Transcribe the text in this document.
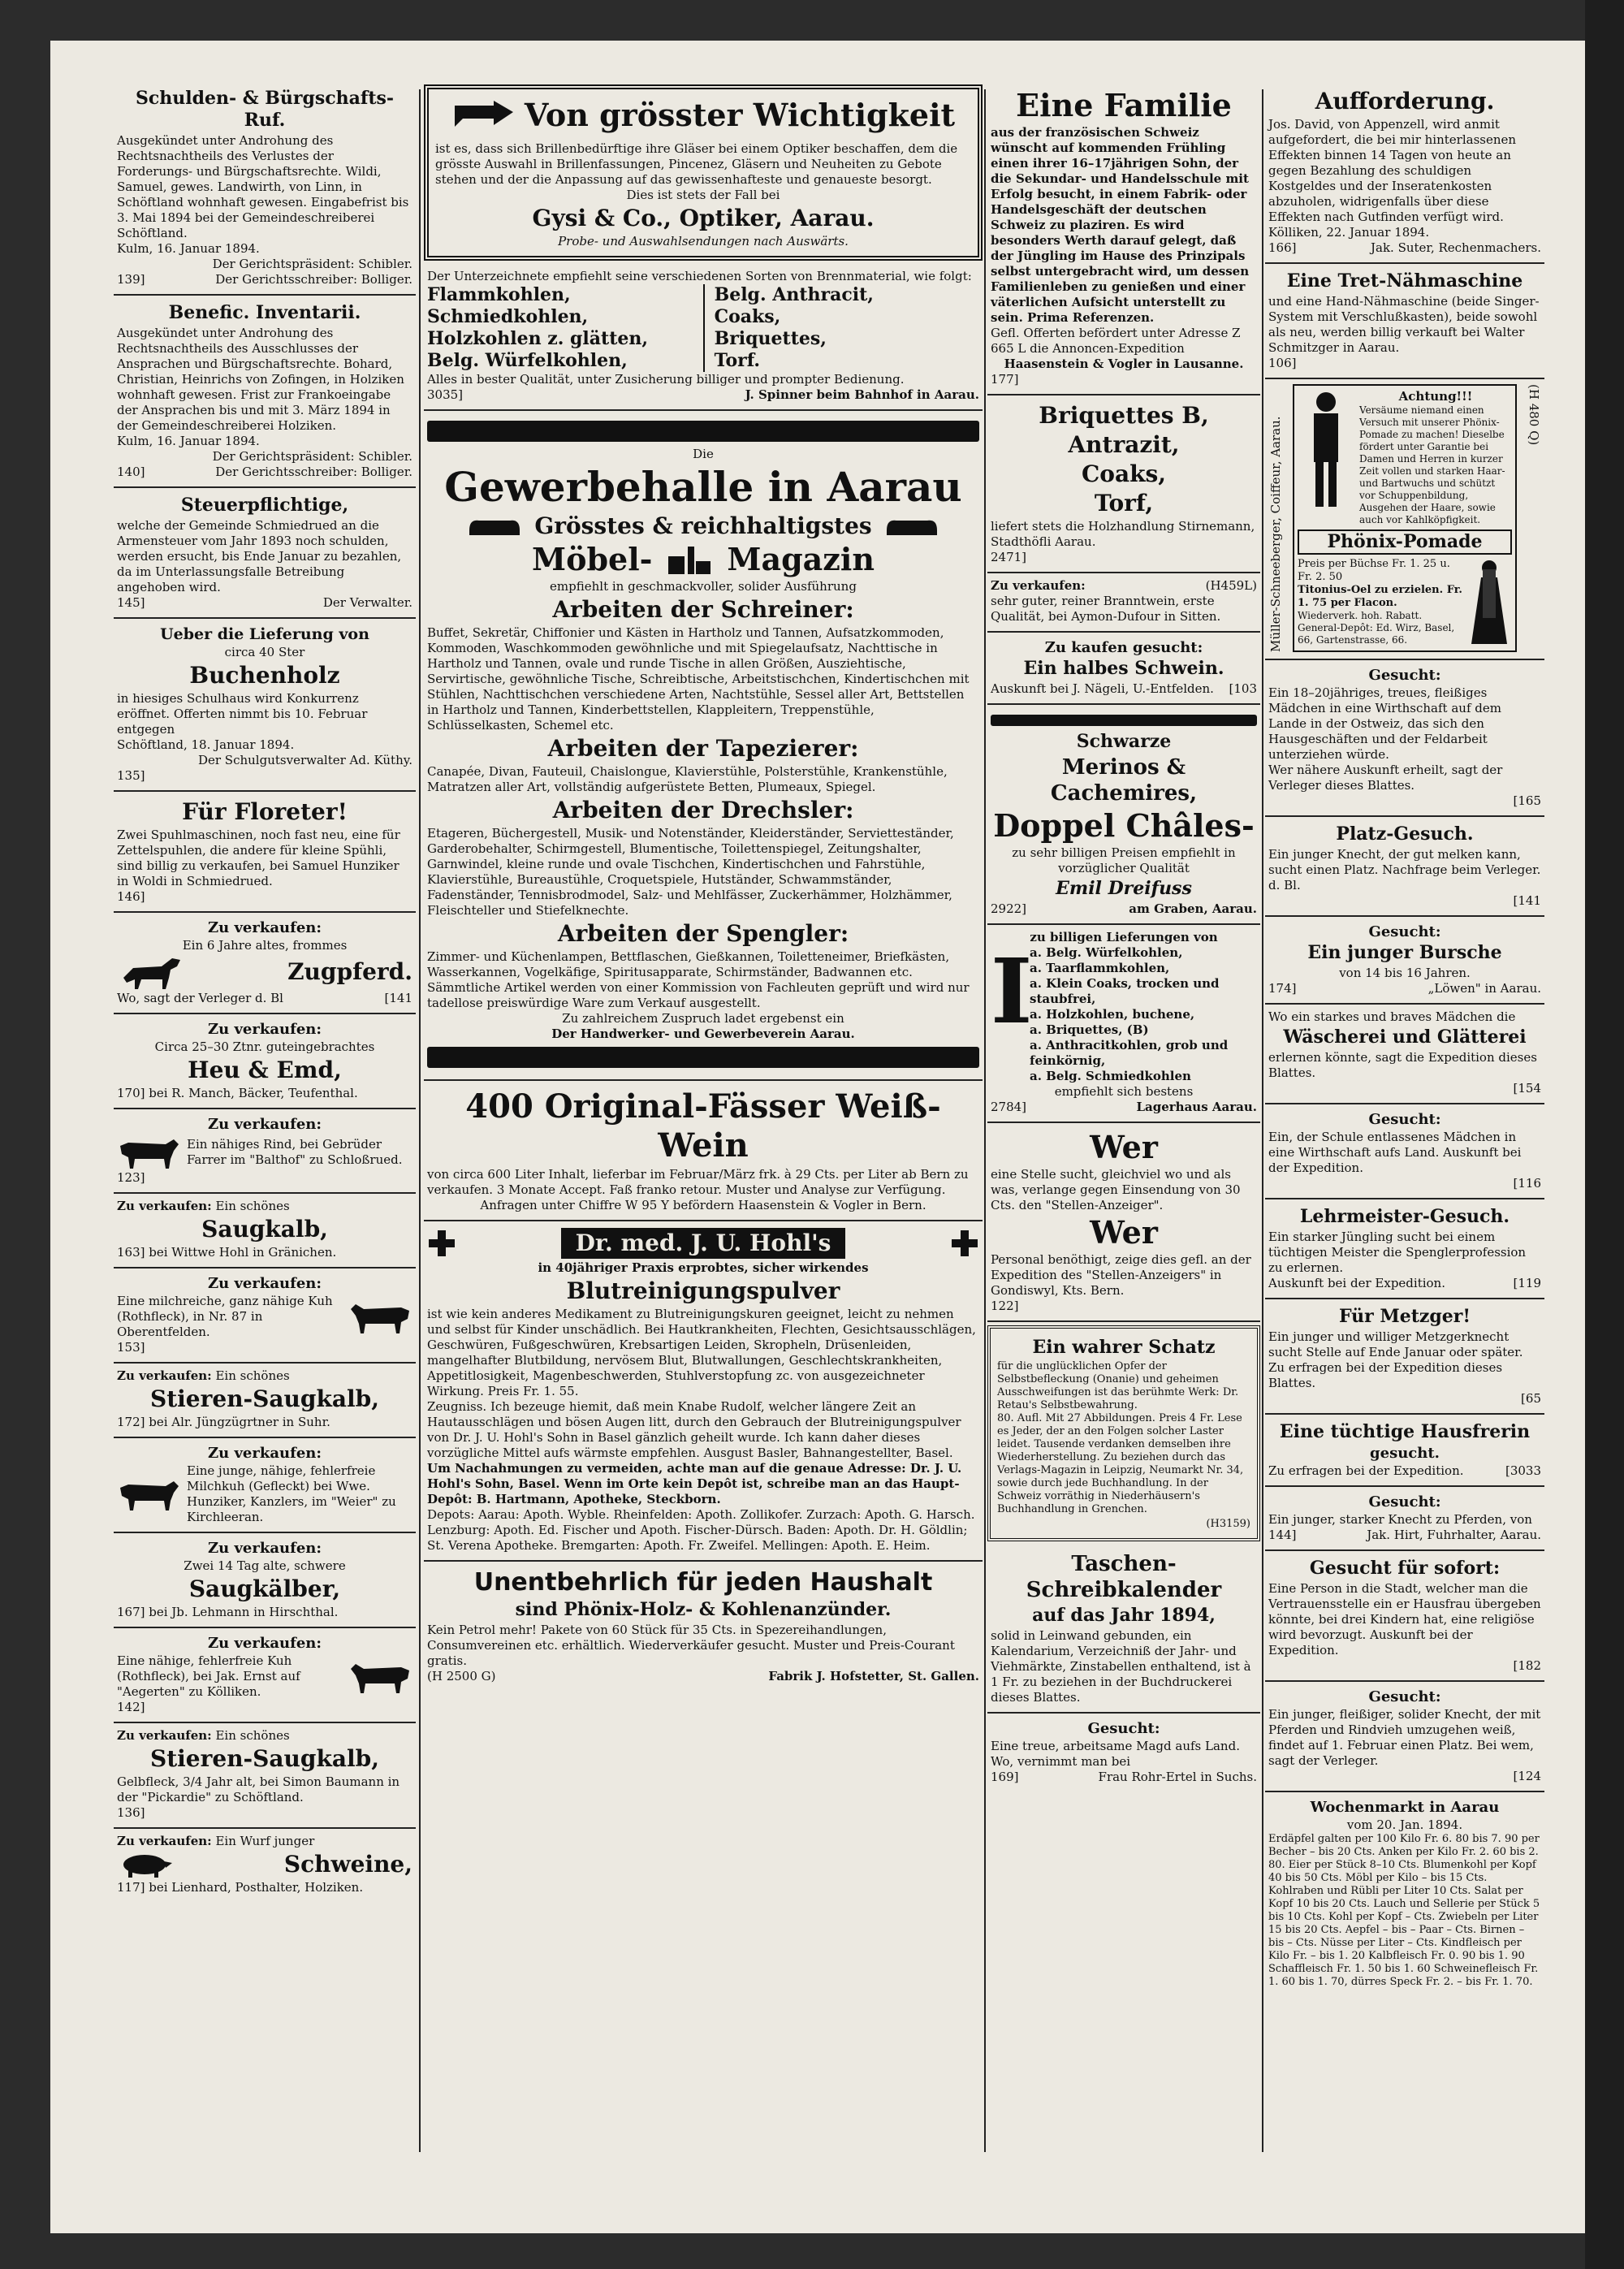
Schulden- & Bürgschafts-Ruf.

Ausgekündet unter Androhung des Rechtsnachtheils des Verlustes der Forderungs- und Bürgschaftsrechte. Wildi, Samuel, gewes. Landwirth, von Linn, in Schöftland wohnhaft gewesen. Eingabefrist bis 3. Mai 1894 bei der Gemeindeschreiberei Schöftland.

Kulm, 16. Januar 1894.

Der Gerichtspräsident: Schibler.

139]	Der Gerichtsschreiber: Bolliger.

Benefic. Inventarii.

Ausgekündet unter Androhung des Rechtsnachtheils des Ausschlusses der Ansprachen und Bürgschaftsrechte. Bohard, Christian, Heinrichs von Zofingen, in Holziken wohnhaft gewesen. Frist zur Frankoeingabe der Ansprachen bis und mit 3. März 1894 in der Gemeindeschreiberei Holziken.

Kulm, 16. Januar 1894.

Der Gerichtspräsident: Schibler.

140]	Der Gerichtsschreiber: Bolliger.

Steuerpflichtige,

welche der Gemeinde Schmiedrued an die Armensteuer vom Jahr 1893 noch schulden, werden ersucht, bis Ende Januar zu bezahlen, da im Unterlassungsfalle Betreibung angehoben wird.

145]	Der Verwalter.

Ueber die Lieferung von

circa 40 Ster

Buchenholz

in hiesiges Schulhaus wird Konkurrenz eröffnet. Offerten nimmt bis 10. Februar entgegen

Schöftland, 18. Januar 1894.

Der Schulgutsverwalter Ad. Küthy.

135]

Für Floreter!

Zwei Spuhlmaschinen, noch fast neu, eine für Zettelspuhlen, die andere für kleine Spühli, sind billig zu verkaufen, bei Samuel Hunziker in Woldi in Schmiedrued.

146]

Zu verkaufen:

Ein 6 Jahre altes, frommes

Zugpferd.
Wo, sagt der Verleger d. Bl	[141

Zu verkaufen:

Circa 25–30 Ztnr. guteingebrachtes

Heu & Emd,

170] bei R. Manch, Bäcker, Teufenthal.

Zu verkaufen:

Ein nähiges Rind, bei Gebrüder Farrer im "Balthof" zu Schloßrued.

123]

Zu verkaufen: Ein schönes

Saugkalb,

163] bei Wittwe Hohl in Gränichen.

Zu verkaufen:

Eine milchreiche, ganz nähige Kuh (Rothfleck), in Nr. 87 in Oberentfelden.

153]

Zu verkaufen: Ein schönes

Stieren-Saugkalb,

172] bei Alr. Jüngzügrtner in Suhr.

Zu verkaufen:

Eine junge, nähige, fehlerfreie Milchkuh (Gefleckt) bei Wwe. Hunziker, Kanzlers, im "Weier" zu Kirchleeran.

Zu verkaufen:

Zwei 14 Tag alte, schwere

Saugkälber,

167] bei Jb. Lehmann in Hirschthal.

Zu verkaufen:

Eine nähige, fehlerfreie Kuh (Rothfleck), bei Jak. Ernst auf "Aegerten" zu Kölliken.

142]

Zu verkaufen: Ein schönes

Stieren-Saugkalb,

Gelbfleck, 3/4 Jahr alt, bei Simon Baumann in der "Pickardie" zu Schöftland.

136]

Zu verkaufen: Ein Wurf junger

Schweine,

117] bei Lienhard, Posthalter, Holziken.

Von grösster Wichtigkeit

ist es, dass sich Brillenbedürftige ihre Gläser bei einem Optiker beschaffen, dem die grösste Auswahl in Brillenfassungen, Pincenez, Gläsern und Neuheiten zu Gebote stehen und der die Anpassung auf das gewissenhafteste und genaueste besorgt.

Dies ist stets der Fall bei

Gysi & Co., Optiker, Aarau.

Probe- und Auswahlsendungen nach Auswärts.

Der Unterzeichnete empfiehlt seine verschiedenen Sorten von Brennmaterial, wie folgt:

Flammkohlen,

Schmiedkohlen,

Holzkohlen z. glätten,

Belg. Würfelkohlen,

Belg. Anthracit,

Coaks,

Briquettes,

Torf.

Alles in bester Qualität, unter Zusicherung billiger und prompter Bedienung.

3035]	J. Spinner beim Bahnhof in Aarau.

Die

Gewerbehalle in Aarau

Grösstes & reichhaltigstes
Möbel- Magazin

empfiehlt in geschmackvoller, solider Ausführung

Arbeiten der Schreiner:

Buffet, Sekretär, Chiffonier und Kästen in Hartholz und Tannen, Aufsatzkommoden, Kommoden, Waschkommoden gewöhnliche und mit Spiegelaufsatz, Nachttische in Hartholz und Tannen, ovale und runde Tische in allen Größen, Ausziehtische, Servirtische, gewöhnliche Tische, Schreibtische, Arbeitstischchen, Kindertischchen mit Stühlen, Nachttischchen verschiedene Arten, Nachtstühle, Sessel aller Art, Bettstellen in Hartholz und Tannen, Kinderbettstellen, Klappleitern, Treppenstühle, Schlüsselkasten, Schemel etc.

Arbeiten der Tapezierer:

Canapée, Divan, Fauteuil, Chaislongue, Klavierstühle, Polsterstühle, Krankenstühle, Matratzen aller Art, vollständig aufgerüstete Betten, Plumeaux, Spiegel.

Arbeiten der Drechsler:

Etageren, Büchergestell, Musik- und Notenständer, Kleiderständer, Servietteständer, Garderobehalter, Schirmgestell, Blumentische, Toilettenspiegel, Zeitungshalter, Garnwindel, kleine runde und ovale Tischchen, Kindertischchen und Fahrstühle, Klavierstühle, Bureaustühle, Croquetspiele, Hutständer, Schwammständer, Fadenständer, Tennisbrodmodel, Salz- und Mehlfässer, Zuckerhämmer, Holzhämmer, Fleischteller und Stiefelknechte.

Arbeiten der Spengler:

Zimmer- und Küchenlampen, Bettflaschen, Gießkannen, Toiletteneimer, Briefkästen, Wasserkannen, Vogelkäfige, Spiritusapparate, Schirmständer, Badwannen etc.

Sämmtliche Artikel werden von einer Kommission von Fachleuten geprüft und wird nur tadellose preiswürdige Ware zum Verkauf ausgestellt.

Zu zahlreichem Zuspruch ladet ergebenst ein

Der Handwerker- und Gewerbeverein Aarau.

400 Original-Fässer Weiß-Wein

von circa 600 Liter Inhalt, lieferbar im Februar/März frk. à 29 Cts. per Liter ab Bern zu verkaufen. 3 Monate Accept. Faß franko retour. Muster und Analyse zur Verfügung.

Anfragen unter Chiffre W 95 Y befördern Haasenstein & Vogler in Bern.

Dr. med. J. U. Hohl's

in 40jähriger Praxis erprobtes, sicher wirkendes

Blutreinigungspulver

ist wie kein anderes Medikament zu Blutreinigungskuren geeignet, leicht zu nehmen und selbst für Kinder unschädlich. Bei Hautkrankheiten, Flechten, Gesichtsausschlägen, Geschwüren, Fußgeschwüren, Krebsartigen Leiden, Skropheln, Drüsenleiden, mangelhafter Blutbildung, nervösem Blut, Blutwallungen, Geschlechtskrankheiten, Appetitlosigkeit, Magenbeschwerden, Stuhlverstopfung zc. von ausgezeichneter Wirkung. Preis Fr. 1. 55.

Zeugniss. Ich bezeuge hiemit, daß mein Knabe Rudolf, welcher längere Zeit an Hautausschlägen und bösen Augen litt, durch den Gebrauch der Blutreinigungspulver von Dr. J. U. Hohl's Sohn in Basel gänzlich geheilt wurde. Ich kann daher dieses vorzügliche Mittel aufs wärmste empfehlen. Ausgust Basler, Bahnangestellter, Basel.

Um Nachahmungen zu vermeiden, achte man auf die genaue Adresse: Dr. J. U. Hohl's Sohn, Basel. Wenn im Orte kein Depôt ist, schreibe man an das Haupt-Depôt: B. Hartmann, Apotheke, Steckborn.

Depots: Aarau: Apoth. Wyble. Rheinfelden: Apoth. Zollikofer. Zurzach: Apoth. G. Harsch. Lenzburg: Apoth. Ed. Fischer und Apoth. Fischer-Dürsch. Baden: Apoth. Dr. H. Göldlin; St. Verena Apotheke. Bremgarten: Apoth. Fr. Zweifel. Mellingen: Apoth. E. Heim.

Unentbehrlich für jeden Haushalt

sind Phönix-Holz- & Kohlenanzünder.

Kein Petrol mehr! Pakete von 60 Stück für 35 Cts. in Spezereihandlungen, Consumvereinen etc. erhältlich. Wiederverkäufer gesucht. Muster und Preis-Courant gratis.

(H 2500 G)	Fabrik J. Hofstetter, St. Gallen.

Eine Familie

aus der französischen Schweiz wünscht auf kommenden Frühling einen ihrer 16–17jährigen Sohn, der die Sekundar- und Handelsschule mit Erfolg besucht, in einem Fabrik- oder Handelsgeschäft der deutschen Schweiz zu plaziren. Es wird besonders Werth darauf gelegt, daß der Jüngling im Hause des Prinzipals selbst untergebracht wird, um dessen Familienleben zu genießen und einer väterlichen Aufsicht unterstellt zu sein. Prima Referenzen.

Gefl. Offerten befördert unter Adresse Z 665 L die Annoncen-Expedition

Haasenstein & Vogler in Lausanne.

177]

Briquettes B,

Antrazit,

Coaks,

Torf,

liefert stets die Holzhandlung Stirnemann, Stadthöfli Aarau.

2471]

Zu verkaufen:	(H459L)

sehr guter, reiner Branntwein, erste Qualität, bei Aymon-Dufour in Sitten.

Zu kaufen gesucht:

Ein halbes Schwein.

Auskunft bei J. Nägeli, U.-Entfelden. [103

Schwarze

Merinos & Cachemires,

Doppel Châles-

zu sehr billigen Preisen empfiehlt in vorzüglicher Qualität

Emil Dreifuss

2922]	am Graben, Aarau.

zu billigen Lieferungen von

I

a. Belg. Würfelkohlen,

a. Taarflammkohlen,

a. Klein Coaks, trocken und staubfrei,

a. Holzkohlen, buchene,

a. Briquettes, (B)

a. Anthracitkohlen, grob und feinkörnig,

a. Belg. Schmiedkohlen

empfiehlt sich bestens

2784]	Lagerhaus Aarau.

Wer

eine Stelle sucht, gleichviel wo und als was, verlange gegen Einsendung von 30 Cts. den "Stellen-Anzeiger".

Wer

Personal benöthigt, zeige dies gefl. an der Expedition des "Stellen-Anzeigers" in Gondiswyl, Kts. Bern.

122]

Ein wahrer Schatz

für die unglücklichen Opfer der Selbstbefleckung (Onanie) und geheimen Ausschweifungen ist das berühmte Werk: Dr. Retau's Selbstbewahrung.

80. Aufl. Mit 27 Abbildungen. Preis 4 Fr. Lese es Jeder, der an den Folgen solcher Laster leidet. Tausende verdanken demselben ihre Wiederherstellung. Zu beziehen durch das Verlags-Magazin in Leipzig, Neumarkt Nr. 34, sowie durch jede Buchhandlung. In der Schweiz vorräthig in Niederhäusern's Buchhandlung in Grenchen.

(H3159)

Taschen-Schreibkalender

auf das Jahr 1894,

solid in Leinwand gebunden, ein Kalendarium, Verzeichniß der Jahr- und Viehmärkte, Zinstabellen enthaltend, ist à 1 Fr. zu beziehen in der Buchdruckerei dieses Blattes.

Gesucht:

Eine treue, arbeitsame Magd aufs Land. Wo, vernimmt man bei

169]	Frau Rohr-Ertel in Suchs.

Aufforderung.

Jos. David, von Appenzell, wird anmit aufgefordert, die bei mir hinterlassenen Effekten binnen 14 Tagen von heute an gegen Bezahlung des schuldigen Kostgeldes und der Inseratenkosten abzuholen, widrigenfalls über diese Effekten nach Gutfinden verfügt wird.

Kölliken, 22. Januar 1894.

166]	Jak. Suter, Rechenmachers.

Eine Tret-Nähmaschine

und eine Hand-Nähmaschine (beide Singer-System mit Verschlußkasten), beide sowohl als neu, werden billig verkauft bei Walter Schmitzger in Aarau.

106]

Müller-Schneeberger, Coiffeur, Aarau.

Achtung!!!

Versäume niemand einen Versuch mit unserer Phönix-Pomade zu machen! Dieselbe fördert unter Garantie bei Damen und Herren in kurzer Zeit vollen und starken Haar- und Bartwuchs und schützt vor Schuppenbildung, Ausgehen der Haare, sowie auch vor Kahlköpfigkeit.

Phönix-Pomade

Preis per Büchse Fr. 1. 25 u. Fr. 2. 50

Titonius-Oel zu erzielen. Fr. 1. 75 per Flacon.

Wiederverk. hoh. Rabatt. General-Depôt: Ed. Wirz, Basel, 66, Gartenstrasse, 66.

(H 480 Q)

Gesucht:

Ein 18–20jähriges, treues, fleißiges Mädchen in eine Wirthschaft auf dem Lande in der Ostweiz, das sich den Hausgeschäften und der Feldarbeit unterziehen würde.

Wer nähere Auskunft erheilt, sagt der Verleger dieses Blattes.

[165

Platz-Gesuch.

Ein junger Knecht, der gut melken kann, sucht einen Platz. Nachfrage beim Verleger. d. Bl.

[141

Gesucht:

Ein junger Bursche

von 14 bis 16 Jahren.

174]	„Löwen" in Aarau.

Wo ein starkes und braves Mädchen die

Wäscherei und Glätterei

erlernen könnte, sagt die Expedition dieses Blattes.

[154

Gesucht:

Ein, der Schule entlassenes Mädchen in eine Wirthschaft aufs Land. Auskunft bei der Expedition.

[116

Lehrmeister-Gesuch.

Ein starker Jüngling sucht bei einem tüchtigen Meister die Spenglerprofession zu erlernen.

Auskunft bei der Expedition.	[119

Für Metzger!

Ein junger und williger Metzgerknecht sucht Stelle auf Ende Januar oder später. Zu erfragen bei der Expedition dieses Blattes.

[65

Eine tüchtige Hausfrerin

gesucht.

Zu erfragen bei der Expedition.	[3033

Gesucht:

Ein junger, starker Knecht zu Pferden, von

144]	Jak. Hirt, Fuhrhalter, Aarau.

Gesucht für sofort:

Eine Person in die Stadt, welcher man die Vertrauensstelle ein er Hausfrau übergeben könnte, bei drei Kindern hat, eine religiöse wird bevorzugt. Auskunft bei der Expedition.

[182

Gesucht:

Ein junger, fleißiger, solider Knecht, der mit Pferden und Rindvieh umzugehen weiß, findet auf 1. Februar einen Platz. Bei wem, sagt der Verleger.

[124

Wochenmarkt in Aarau

vom 20. Jan. 1894.

Erdäpfel galten per 100 Kilo Fr. 6. 80 bis 7. 90 per Becher – bis 20 Cts. Anken per Kilo Fr. 2. 60 bis 2. 80. Eier per Stück 8–10 Cts. Blumenkohl per Kopf 40 bis 50 Cts. Möbl per Kilo – bis 15 Cts. Kohlraben und Rübli per Liter 10 Cts. Salat per Kopf 10 bis 20 Cts. Lauch und Sellerie per Stück 5 bis 10 Cts. Kohl per Kopf – Cts. Zwiebeln per Liter 15 bis 20 Cts. Aepfel – bis – Paar – Cts. Birnen – bis – Cts. Nüsse per Liter – Cts. Kindfleisch per Kilo Fr. – bis 1. 20 Kalbfleisch Fr. 0. 90 bis 1. 90 Schaffleisch Fr. 1. 50 bis 1. 60 Schweinefleisch Fr. 1. 60 bis 1. 70, dürres Speck Fr. 2. – bis Fr. 1. 70.
